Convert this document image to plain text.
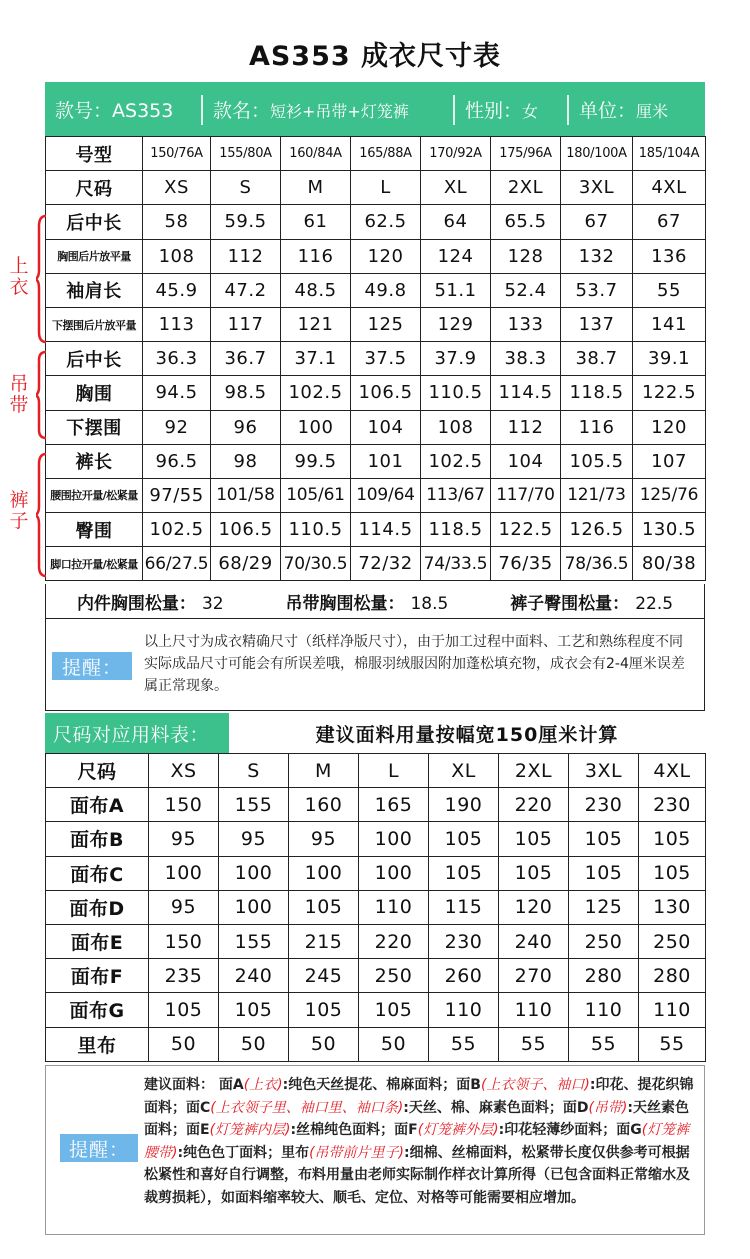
AS353 成衣尺寸表
款号： AS353 款名： 短衫+吊带+灯笼裤	性别： 女 单位： 厘米
号型	150/76A	155/80A	160/84A	165/88A	170/92A	175/96A	180/100A	185/104A
尺码	XS	S	M	L	XL	2XL	3XL	4XL
后中长	58	59.5	61	62.5	64	65.5	67	67
胸围后片放平量	108	112	116	120	124	128	132	136
袖肩长	45.9	47.2	48.5	49.8	51.1	52.4	53.7	55
下摆围后片放平量	113	117	121	125	129	133	137	141
后中长	36.3	36.7	37.1	37.5	37.9	38.3	38.7	39.1
胸围	94.5	98.5	102.5	106.5	110.5	114.5	118.5	122.5
下摆围	92	96	100	104	108	112	116	120
裤长	96.5	98	99.5	101	102.5	104	105.5	107
腰围拉开量/松紧量	97/55	101/58	105/61	109/64	113/67	117/70	121/73	125/76
臀围	102.5	106.5	110.5	114.5	118.5	122.5	126.5	130.5
脚口拉开量/松紧量	66/27.5	68/29	70/30.5	72/32	74/33.5	76/35	78/36.5	80/38
上衣
吊带
裤子
内件胸围松量： 32	吊带胸围松量： 18.5	裤子臀围松量： 22.5
提醒：
以上尺寸为成衣精确尺寸（纸样净版尺寸），由于加工过程中面料、工艺和熟练程度不同实际成品尺寸可能会有所误差哦，棉服羽绒服因附加蓬松填充物，成衣会有2-4厘米误差属正常现象。
尺码对应用料表：	建议面料用量按幅宽150厘米计算
尺码	XS	S	M	L	XL	2XL	3XL	4XL
面布A	150	155	160	165	190	220	230	230
面布B	95	95	95	100	105	105	105	105
面布C	100	100	100	100	105	105	105	105
面布D	95	100	105	110	115	120	125	130
面布E	150	155	215	220	230	240	250	250
面布F	235	240	245	250	260	270	280	280
面布G	105	105	105	105	110	110	110	110
里布	50	50	50	50	55	55	55	55
提醒：
建议面料： 面A(上衣):纯色天丝提花、棉麻面料；面B(上衣领子、袖口):印花、提花织锦面料；面C(上衣领子里、袖口里、袖口条):天丝、棉、麻素色面料；面D(吊带):天丝素色面料；面E(灯笼裤内层):丝棉纯色面料；面F(灯笼裤外层):印花轻薄纱面料；面G(灯笼裤腰带):纯色色丁面料；里布(吊带前片里子):细棉、丝棉面料，松紧带长度仅供参考可根据松紧性和喜好自行调整，布料用量由老师实际制作样衣计算所得（已包含面料正常缩水及裁剪损耗），如面料缩率较大、顺毛、定位、对格等可能需要相应增加。
